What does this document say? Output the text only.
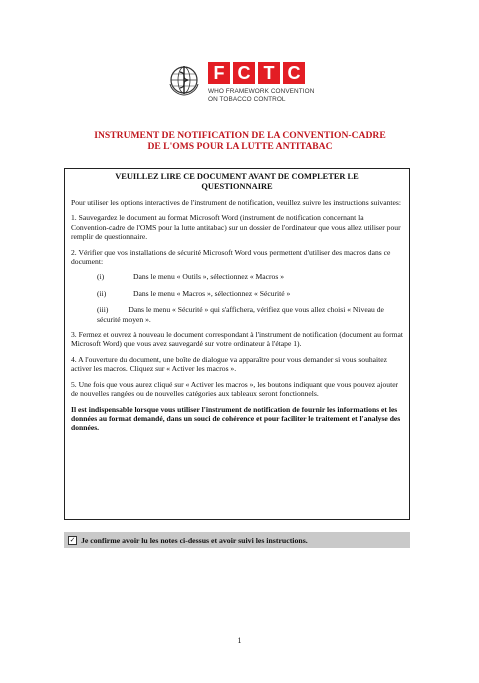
F C T C
WHO FRAMEWORK CONVENTION
ON TOBACCO CONTROL
INSTRUMENT DE NOTIFICATION DE LA CONVENTION-CADRE
DE L'OMS POUR LA LUTTE ANTITABAC
VEUILLEZ LIRE CE DOCUMENT AVANT DE COMPLETER LE QUESTIONNAIRE

Pour utiliser les options interactives de l'instrument de notification, veuillez suivre les instructions suivantes:

1. Sauvegardez le document au format Microsoft Word (instrument de notification concernant la Convention-cadre de l'OMS pour la lutte antitabac) sur un dossier de l'ordinateur que vous allez utiliser pour remplir de questionnaire.

2. Vérifier que vos installations de sécurité Microsoft Word vous permettent d'utiliser des macros dans ce document:

(i)	Dans le menu « Outils », sélectionnez « Macros »
(ii)	Dans le menu « Macros », sélectionnez « Sécurité »
(iii)	Dans le menu « Sécurité » qui s'affichera, vérifiez que vous allez choisi « Niveau de sécurité moyen ».

3. Fermez et ouvrez à nouveau le document correspondant à l'instrument de notification (document au format Microsoft Word) que vous avez sauvegardé sur votre ordinateur à l'étape 1).

4. A l'ouverture du document, une boîte de dialogue va apparaître pour vous demander si vous souhaitez activer les macros. Cliquez sur « Activer les macros ».

5. Une fois que vous aurez cliqué sur « Activer les macros », les boutons indiquant que vous pouvez ajouter de nouvelles rangées ou de nouvelles catégories aux tableaux seront fonctionnels.

Il est indispensable lorsque vous utiliser l'instrument de notification de fournir les informations et les données au format demandé, dans un souci de cohérence et pour faciliter le traitement et l'analyse des données.

✓ Je confirme avoir lu les notes ci-dessus et avoir suivi les instructions.
1
